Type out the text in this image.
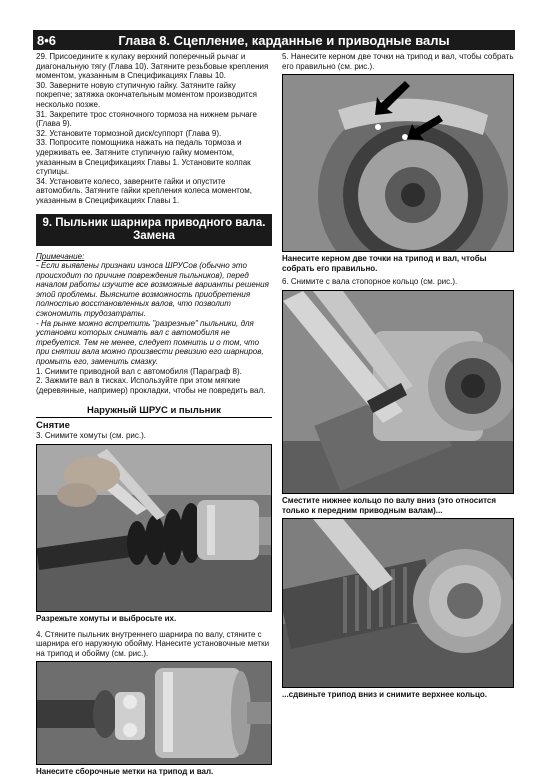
8•6	Глава 8. Сцепление, карданные и приводные валы

29. Присоедините к кулаку верхний поперечный рычаг и диагональную тягу (Глава 10). Затяните резьбовые крепления моментом, указанным в Спецификациях Главы 10.

30. Заверните новую ступичную гайку. Затяните гайку покрепче; затяжка окончательным моментом производится несколько позже.

31. Закрепите трос стояночного тормоза на нижнем рычаге (Глава 9).

32. Установите тормозной диск/суппорт (Глава 9).

33. Попросите помощника нажать на педаль тормоза и удерживать ее. Затяните ступичную гайку моментом, указанным в Спецификациях Главы 1. Установите колпак ступицы.

34. Установите колесо, заверните гайки и опустите автомобиль. Затяните гайки крепления колеса моментом, указанным в Спецификациях Главы 1.

9. Пыльник шарнира приводного вала. Замена

Примечание:

- Если выявлены признаки износа ШРУСов (обычно это происходит по причине повреждения пыльников), перед началом работы изучите все возможные варианты решения этой проблемы. Выясните возможность приобретения полностью восстановленных валов, что позволит сэкономить трудозатраты.

- На рынке можно встретить "разрезные" пыльники, для установки которых снимать вал с автомобиля не требуется. Тем не менее, следует помнить и о том, что при снятии вала можно произвести ревизию его шарниров, промыть его, заменить смазку.

1. Снимите приводной вал с автомобиля (Параграф 8).

2. Зажмите вал в тисках. Используйте при этом мягкие (деревянные, например) прокладки, чтобы не повредить вал.

Наружный ШРУС и пыльник
Снятие

3. Снимите хомуты (см. рис.).

Разрежьте хомуты и выбросьте их.

4. Стяните пыльник внутреннего шарнира по валу, стяните с шарнира его наружную обойму. Нанесите установочные метки на трипод и обойму (см. рис.).

Нанесите сборочные метки на трипод и вал.

5. Нанесите керном две точки на трипод и вал, чтобы собрать его правильно (см. рис.).

Нанесите керном две точки на трипод и вал, чтобы собрать его правильно.

6. Снимите с вала стопорное кольцо (см. рис.).

Сместите нижнее кольцо по валу вниз (это относится только к передним приводным валам)...
...сдвиньте трипод вниз и снимите верхнее кольцо.
